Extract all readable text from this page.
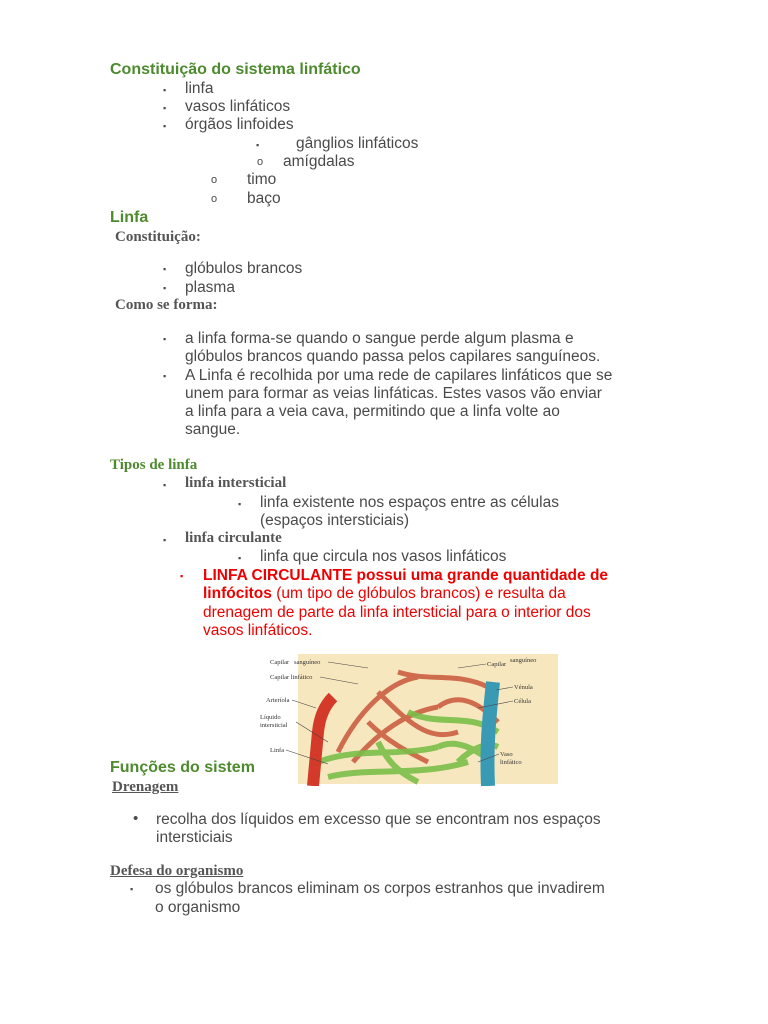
Constituição do sistema linfático
▪ linfa
▪ vasos linfáticos
▪ órgãos linfoides
▪ gânglios linfáticos
o amígdalas
o timo
o baço
Linfa
Constituição:
▪ glóbulos brancos
▪ plasma
Como se forma:
▪ a linfa forma-se quando o sangue perde algum plasma e
glóbulos brancos quando passa pelos capilares sanguíneos.
▪ A Linfa é recolhida por uma rede de capilares linfáticos que se
unem para formar as veias linfáticas. Estes vasos vão enviar
a linfa para a veia cava, permitindo que a linfa volte ao
sangue.
Tipos de linfa
▪ linfa intersticial
▪ linfa existente nos espaços entre as células
(espaços intersticiais)
▪ linfa circulante
▪ linfa que circula nos vasos linfáticos
▪ LINFA CIRCULANTE possui uma grande quantidade de
linfócitos (um tipo de glóbulos brancos) e resulta da
drenagem de parte da linfa intersticial para o interior dos
vasos linfáticos.
Capilar sanguíneo
Capilar linfático
Arteríola
Líquido
intersticial
Linfa
Capilar
sanguíneo
Vénula
Célula
Vaso
linfático
Funções do sistem
Drenagem
• recolha dos líquidos em excesso que se encontram nos espaços
intersticiais
Defesa do organismo
▪ os glóbulos brancos eliminam os corpos estranhos que invadirem
o organismo
